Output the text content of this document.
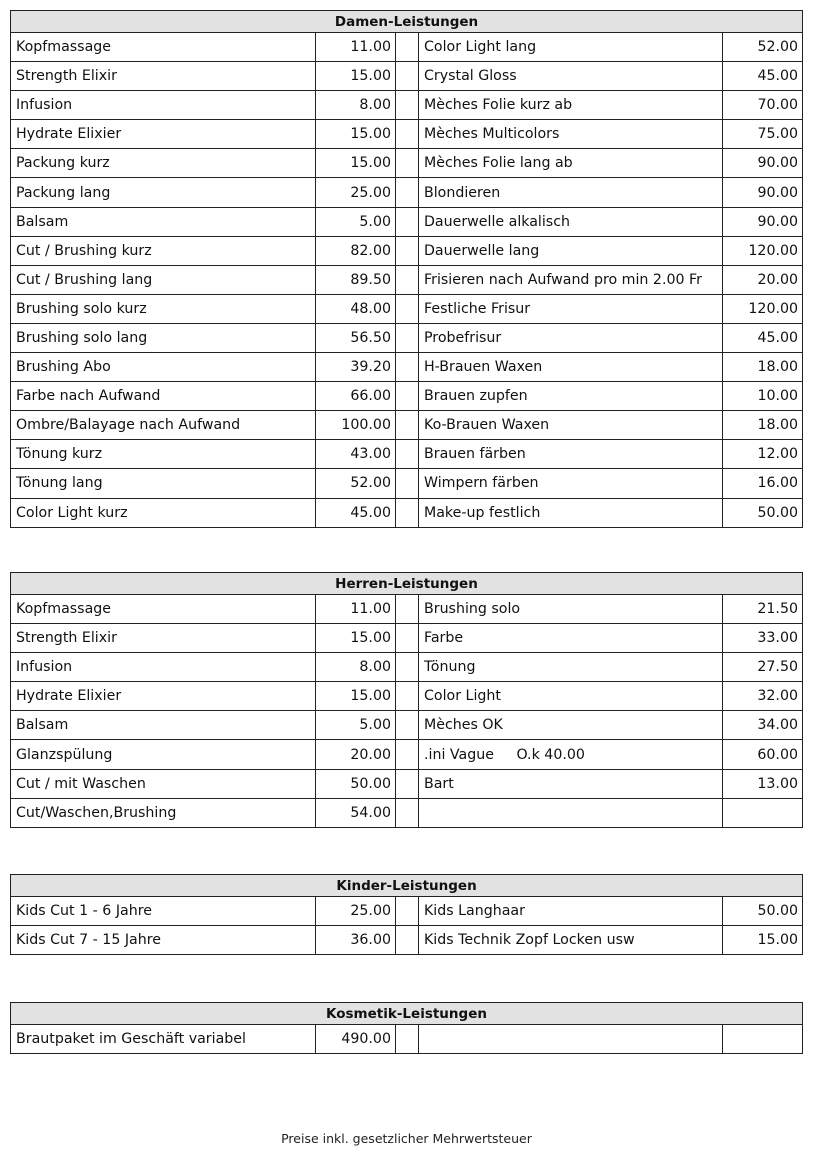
Damen-Leistungen				
Kopfmassage	11.00		Color Light lang	52.00
Strength Elixir	15.00		Crystal Gloss	45.00
Infusion	8.00		Mèches Folie kurz ab	70.00
Hydrate Elixier	15.00		Mèches Multicolors	75.00
Packung kurz	15.00		Mèches Folie lang ab	90.00
Packung lang	25.00		Blondieren	90.00
Balsam	5.00		Dauerwelle alkalisch	90.00
Cut / Brushing kurz	82.00		Dauerwelle lang	120.00
Cut / Brushing lang	89.50		Frisieren nach Aufwand pro min 2.00 Fr	20.00
Brushing solo kurz	48.00		Festliche Frisur	120.00
Brushing solo lang	56.50		Probefrisur	45.00
Brushing Abo	39.20		H-Brauen Waxen	18.00
Farbe nach Aufwand	66.00		Brauen zupfen	10.00
Ombre/Balayage nach Aufwand	100.00		Ko-Brauen Waxen	18.00
Tönung kurz	43.00		Brauen färben	12.00
Tönung lang	52.00		Wimpern färben	16.00
Color Light kurz	45.00		Make-up festlich	50.00
Herren-Leistungen				
Kopfmassage	11.00		Brushing solo	21.50
Strength Elixir	15.00		Farbe	33.00
Infusion	8.00		Tönung	27.50
Hydrate Elixier	15.00		Color Light	32.00
Balsam	5.00		Mèches OK	34.00
Glanzspülung	20.00		.ini Vague     O.k 40.00	60.00
Cut / mit Waschen	50.00		Bart	13.00
Cut/Waschen,Brushing	54.00			
Kinder-Leistungen				
Kids Cut 1 - 6 Jahre	25.00		Kids Langhaar	50.00
Kids Cut 7 - 15 Jahre	36.00		Kids Technik Zopf Locken usw	15.00
Kosmetik-Leistungen
Brautpaket im Geschäft variabel	490.00			
Preise inkl. gesetzlicher Mehrwertsteuer
